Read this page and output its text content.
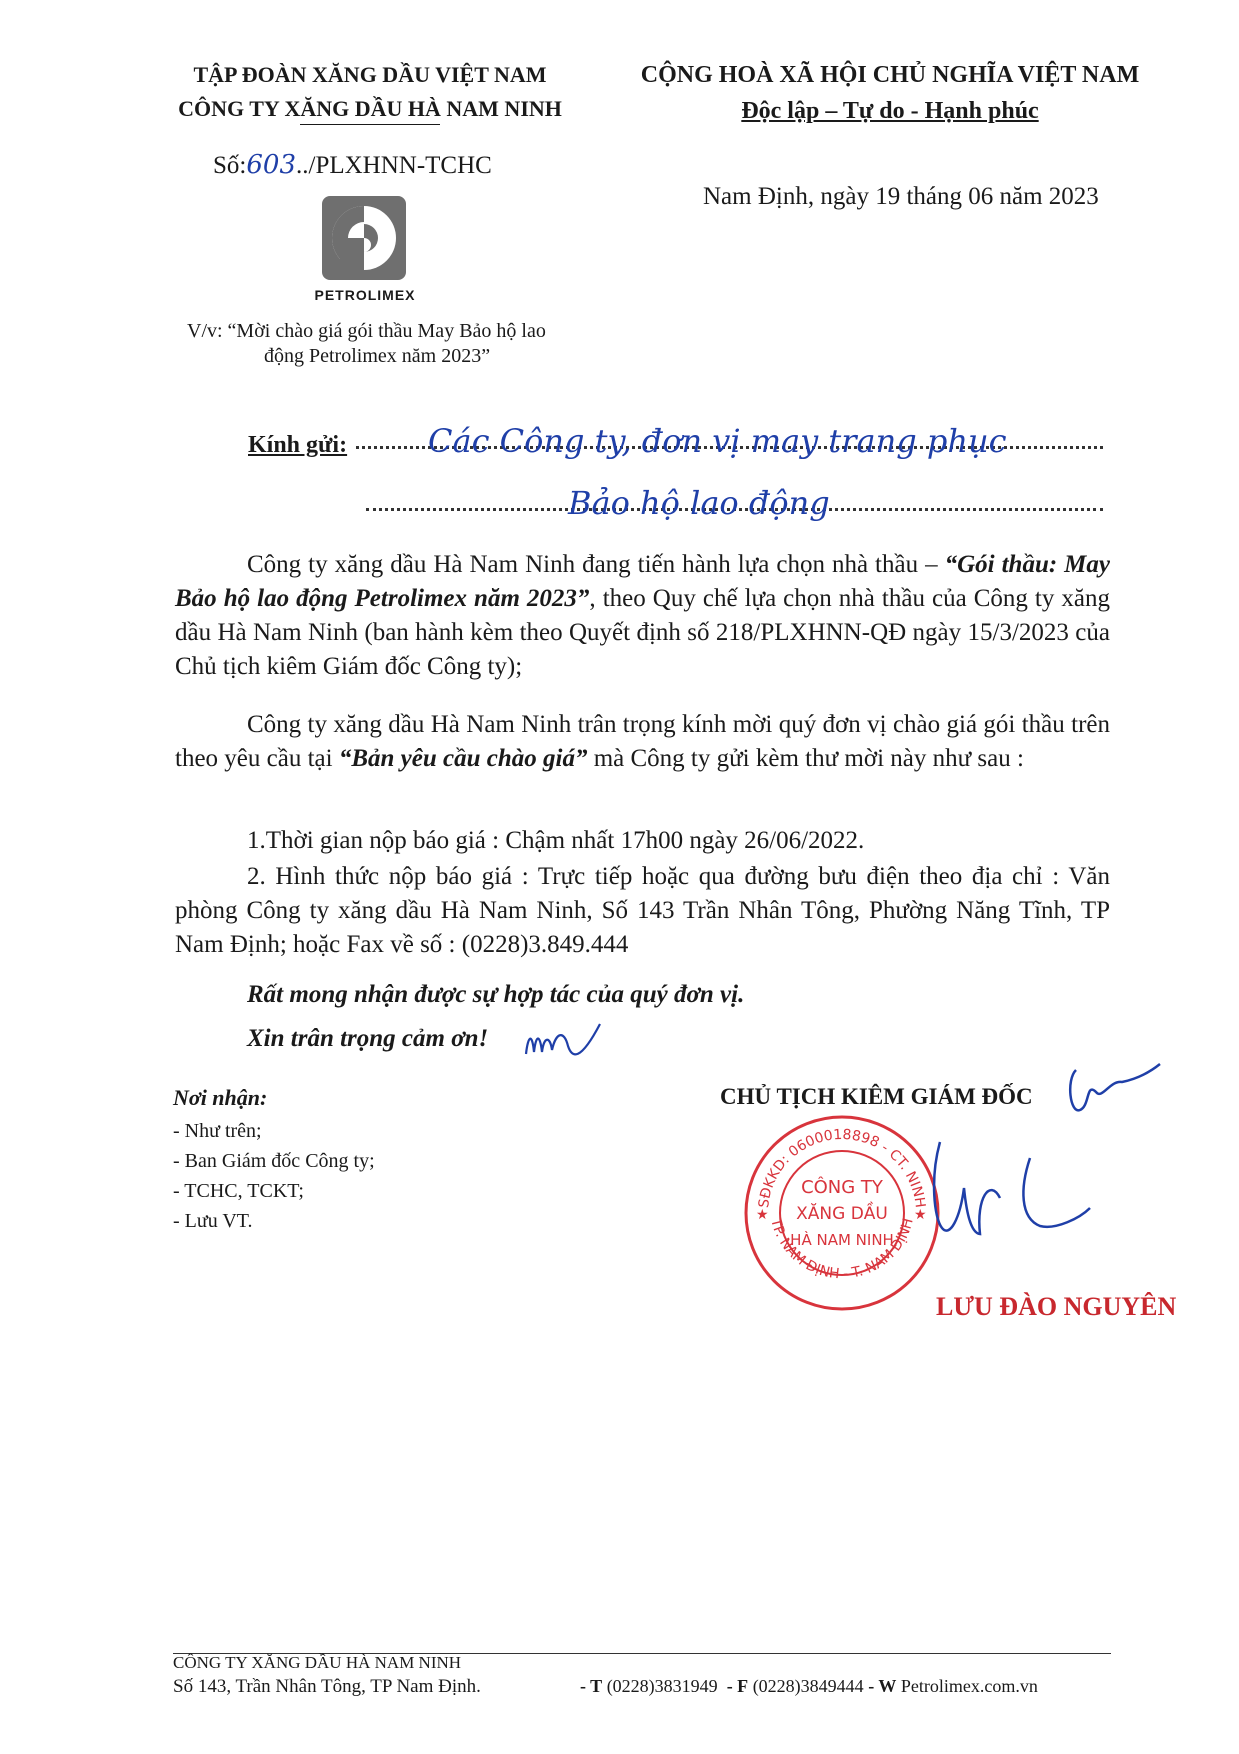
TẬP ĐOÀN XĂNG DẦU VIỆT NAM
CÔNG TY XĂNG DẦU HÀ NAM NINH
Số:603../PLXHNN-TCHC
PETROLIMEX
V/v: “Mời chào giá gói thầu May Bảo hộ lao
động Petrolimex năm 2023”
CỘNG HOÀ XÃ HỘI CHỦ NGHĨA VIỆT NAM
Độc lập – Tự do - Hạnh phúc
Nam Định, ngày 19 tháng 06 năm 2023
Kính gửi:	Các Công ty, đơn vị may trang phục
Bảo hộ lao động
Công ty xăng dầu Hà Nam Ninh đang tiến hành lựa chọn nhà thầu – “Gói thầu: May Bảo hộ lao động Petrolimex năm 2023”, theo Quy chế lựa chọn nhà thầu của Công ty xăng dầu Hà Nam Ninh (ban hành kèm theo Quyết định số 218/PLXHNN-QĐ ngày 15/3/2023 của Chủ tịch kiêm Giám đốc Công ty);
Công ty xăng dầu Hà Nam Ninh trân trọng kính mời quý đơn vị chào giá gói thầu trên theo yêu cầu tại “Bản yêu cầu chào giá” mà Công ty gửi kèm thư mời này như sau :
1.Thời gian nộp báo giá : Chậm nhất 17h00 ngày 26/06/2022.
2. Hình thức nộp báo giá : Trực tiếp hoặc qua đường bưu điện theo địa chỉ : Văn phòng Công ty xăng dầu Hà Nam Ninh, Số 143 Trần Nhân Tông, Phường Năng Tĩnh, TP Nam Định; hoặc Fax về số : (0228)3.849.444
Rất mong nhận được sự hợp tác của quý đơn vị.
Xin trân trọng cảm ơn!
Nơi nhận:
- Như trên;
- Ban Giám đốc Công ty;
- TCHC, TCKT;
- Lưu VT.
CHỦ TỊCH KIÊM GIÁM ĐỐC
SĐKKD: 0600018898 - CT. NINH
TP. NAM ĐỊNH - T. NAM ĐỊNH
★	★
CÔNG TY
XĂNG DẦU
HÀ NAM NINH
LƯU ĐÀO NGUYÊN
CÔNG TY XĂNG DẦU HÀ NAM NINH
Số 143, Trần Nhân Tông, TP Nam Định.	- T (0228)3831949  - F (0228)3849444 - W Petrolimex.com.vn
